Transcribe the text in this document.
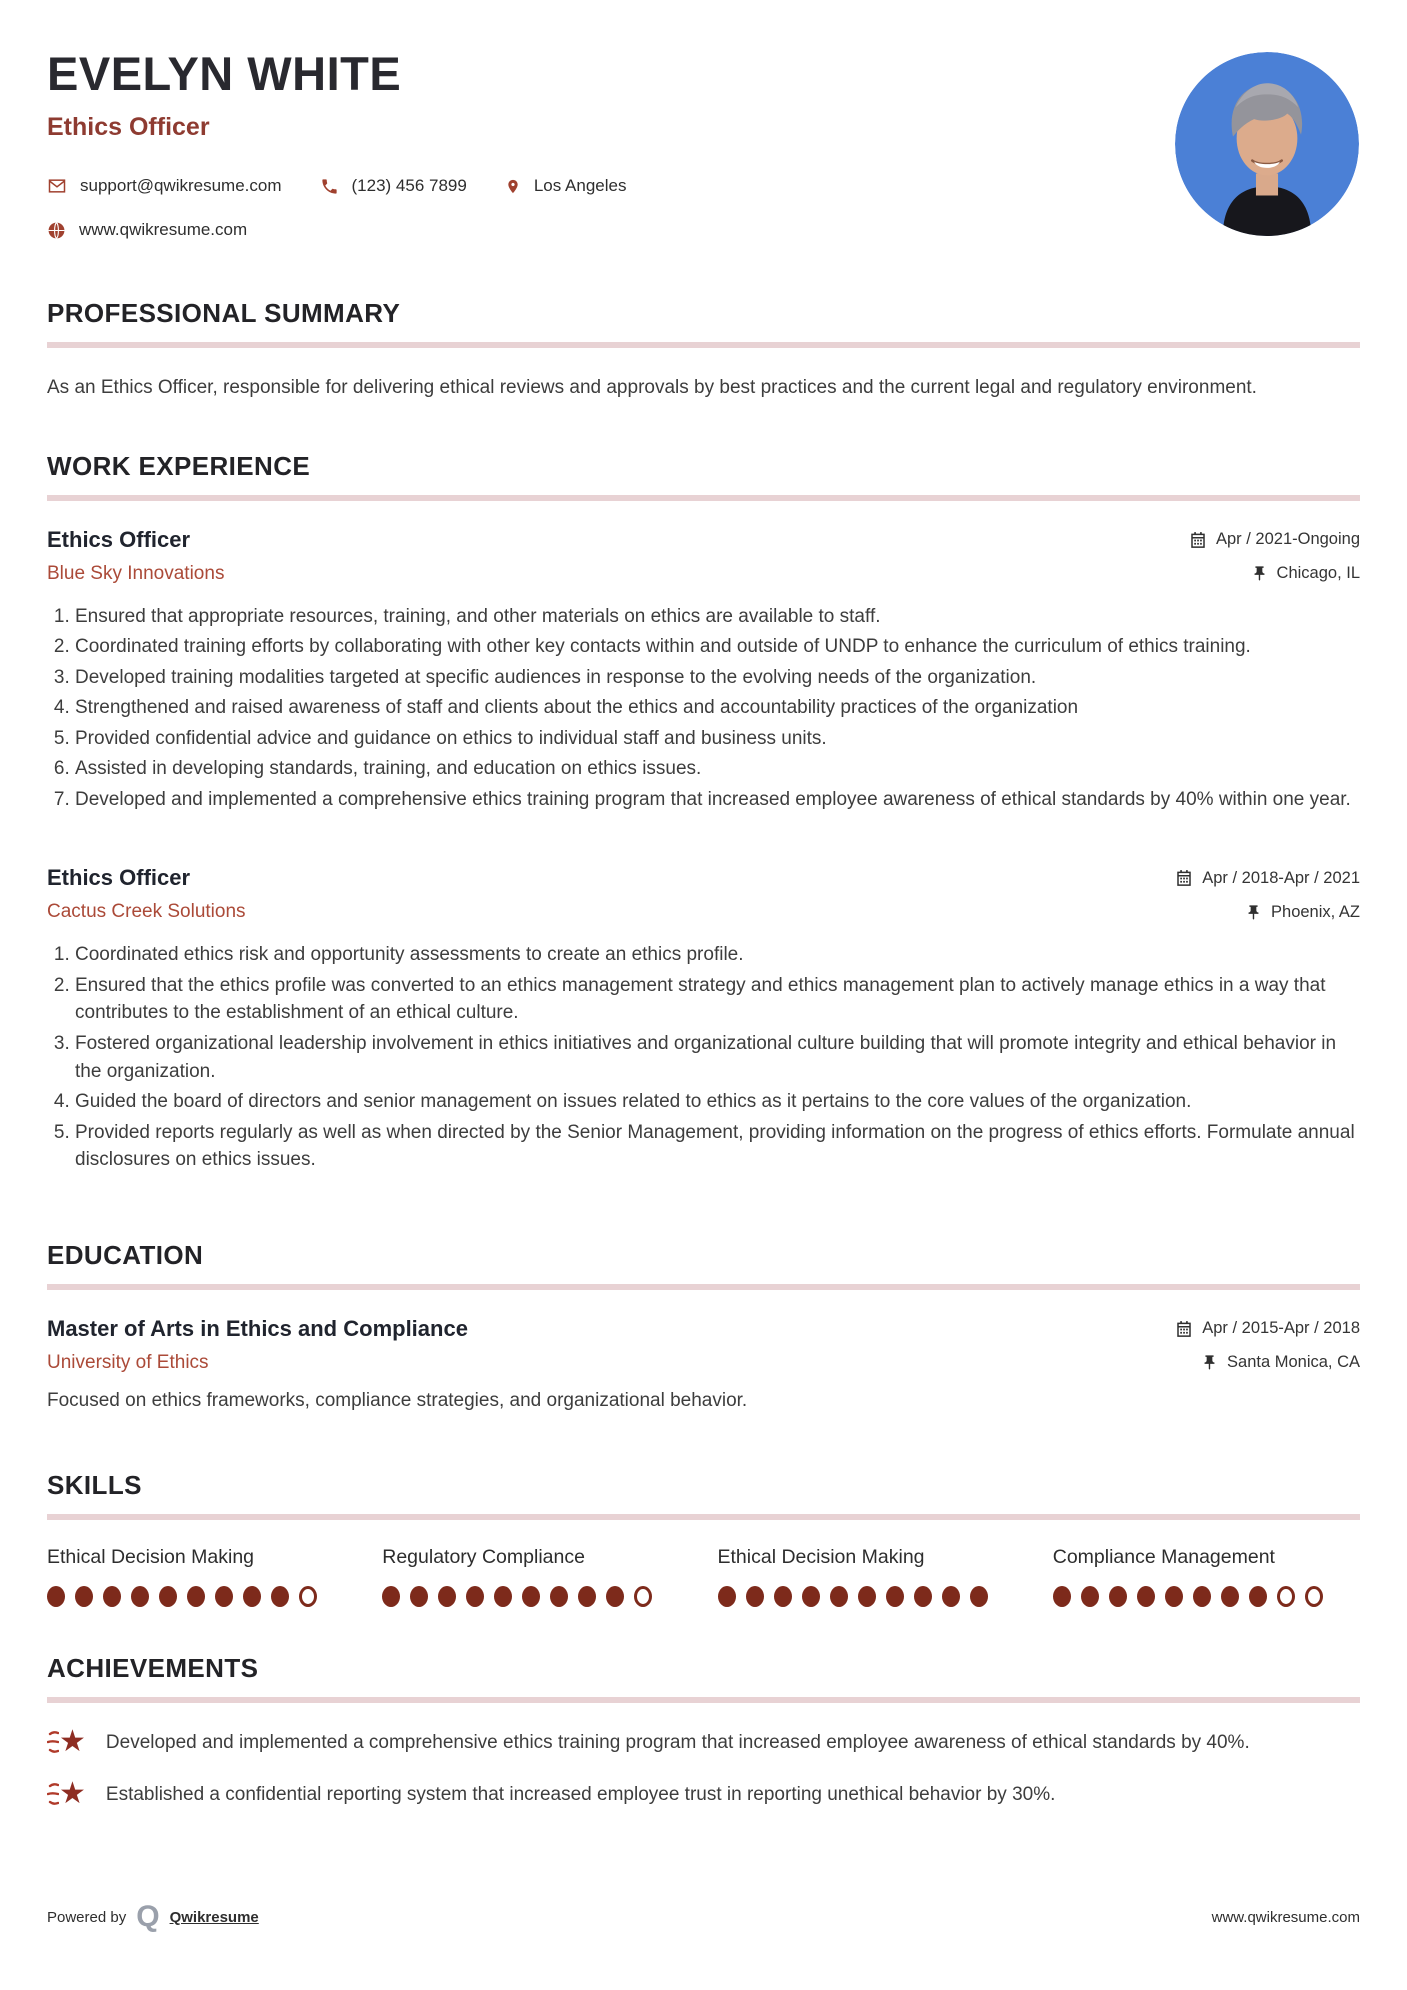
EVELYN WHITE
Ethics Officer
support@qwikresume.com	(123) 456 7899	Los Angeles
www.qwikresume.com
PROFESSIONAL SUMMARY

As an Ethics Officer, responsible for delivering ethical reviews and approvals by best practices and the current legal and regulatory environment.

WORK EXPERIENCE
Ethics Officer	Apr / 2021-Ongoing
Blue Sky Innovations	Chicago, IL
1. Ensured that appropriate resources, training, and other materials on ethics are available to staff.
2. Coordinated training efforts by collaborating with other key contacts within and outside of UNDP to enhance the curriculum of ethics training.
3. Developed training modalities targeted at specific audiences in response to the evolving needs of the organization.
4. Strengthened and raised awareness of staff and clients about the ethics and accountability practices of the organization
5. Provided confidential advice and guidance on ethics to individual staff and business units.
6. Assisted in developing standards, training, and education on ethics issues.
7. Developed and implemented a comprehensive ethics training program that increased employee awareness of ethical standards by 40% within one year.
Ethics Officer	Apr / 2018-Apr / 2021
Cactus Creek Solutions	Phoenix, AZ
1. Coordinated ethics risk and opportunity assessments to create an ethics profile.
2. Ensured that the ethics profile was converted to an ethics management strategy and ethics management plan to actively manage ethics in a way that contributes to the establishment of an ethical culture.
3. Fostered organizational leadership involvement in ethics initiatives and organizational culture building that will promote integrity and ethical behavior in the organization.
4. Guided the board of directors and senior management on issues related to ethics as it pertains to the core values of the organization.
5. Provided reports regularly as well as when directed by the Senior Management, providing information on the progress of ethics efforts. Formulate annual disclosures on ethics issues.
EDUCATION
Master of Arts in Ethics and Compliance	Apr / 2015-Apr / 2018
University of Ethics	Santa Monica, CA

Focused on ethics frameworks, compliance strategies, and organizational behavior.

SKILLS
Ethical Decision Making	Regulatory Compliance	Ethical Decision Making	Compliance Management
ACHIEVEMENTS
★ Developed and implemented a comprehensive ethics training program that increased employee awareness of ethical standards by 40%.

★ Established a confidential reporting system that increased employee trust in reporting unethical behavior by 30%.

Powered by Q Qwikresume	www.qwikresume.com
